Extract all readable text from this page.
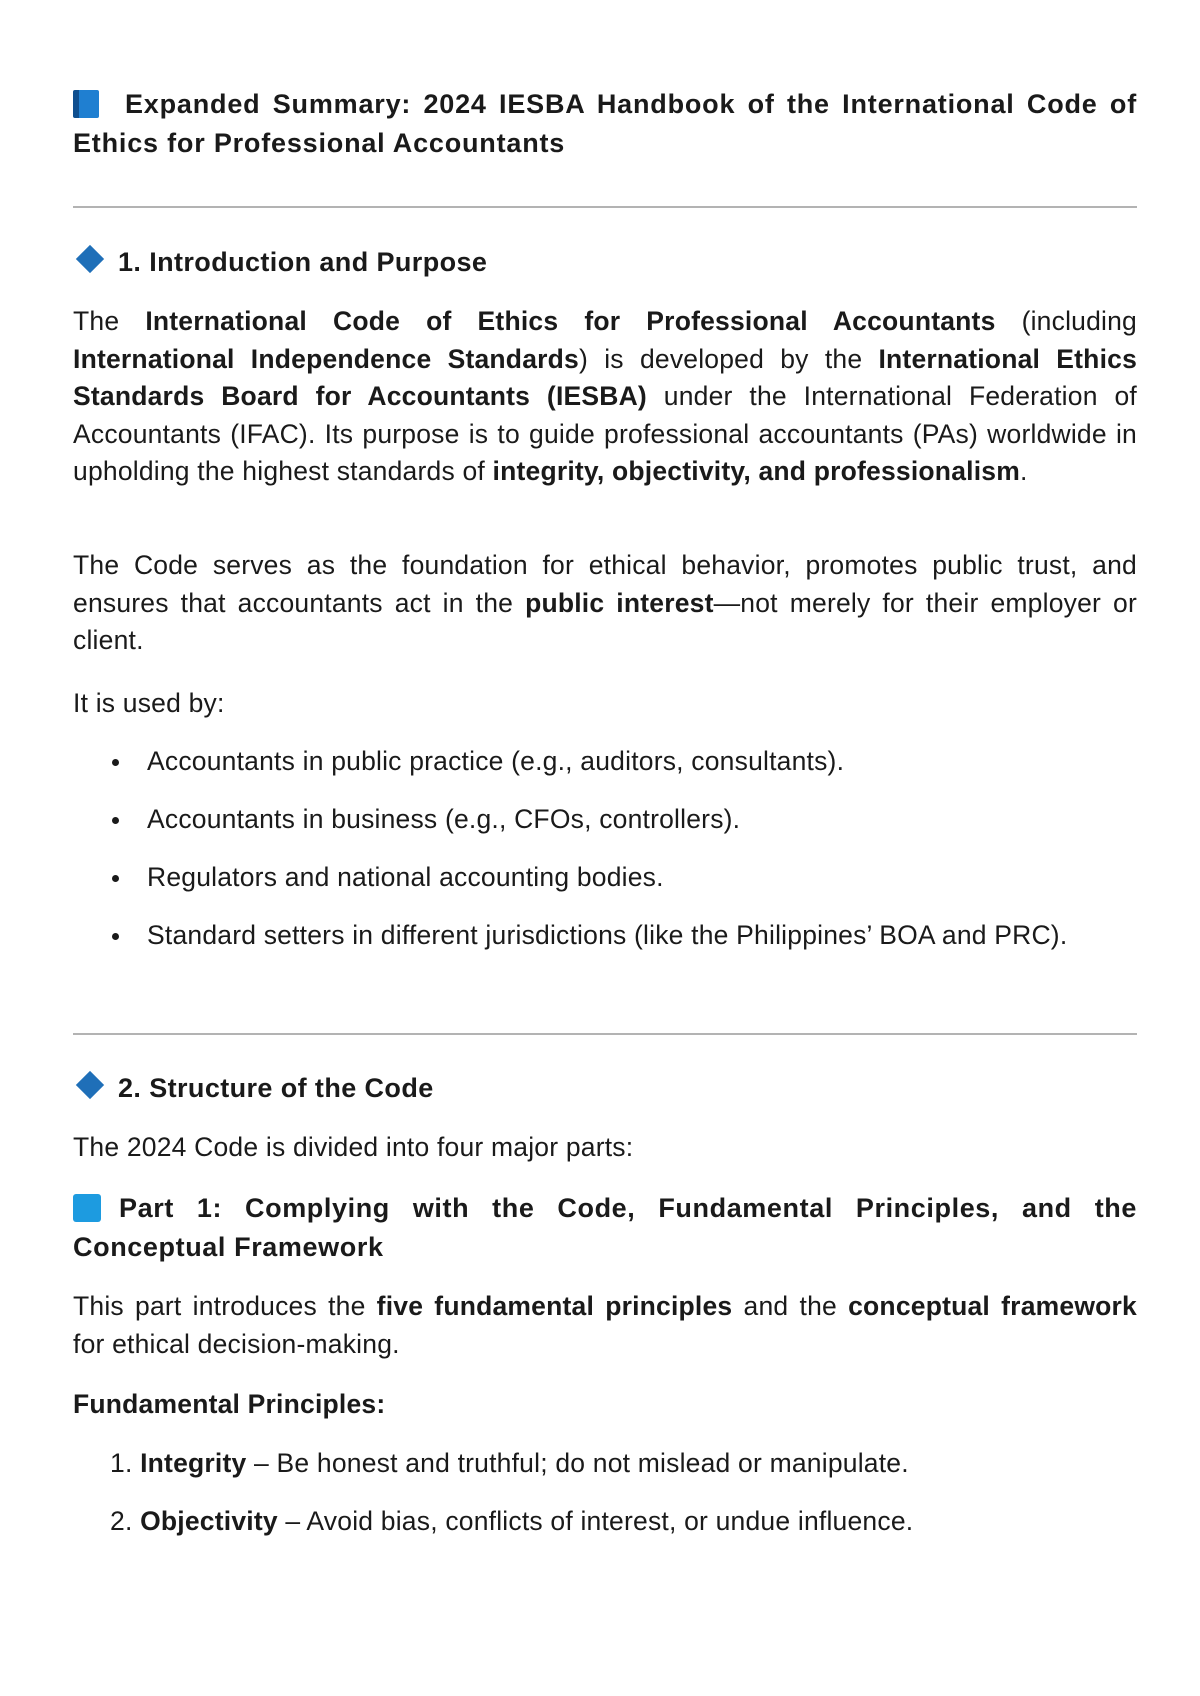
Expanded Summary: 2024 IESBA Handbook of the International Code of Ethics for Professional Accountants
1. Introduction and Purpose

The International Code of Ethics for Professional Accountants (including International Independence Standards) is developed by the International Ethics Standards Board for Accountants (IESBA) under the International Federation of Accountants (IFAC). Its purpose is to guide professional accountants (PAs) worldwide in upholding the highest standards of integrity, objectivity, and professionalism.

The Code serves as the foundation for ethical behavior, promotes public trust, and ensures that accountants act in the public interest—not merely for their employer or client.

It is used by:

Accountants in public practice (e.g., auditors, consultants).
Accountants in business (e.g., CFOs, controllers).
Regulators and national accounting bodies.
Standard setters in different jurisdictions (like the Philippines’ BOA and PRC).
2. Structure of the Code

The 2024 Code is divided into four major parts:

Part 1: Complying with the Code, Fundamental Principles, and the Conceptual Framework

This part introduces the five fundamental principles and the conceptual framework for ethical decision-making.

Fundamental Principles:

1. Integrity – Be honest and truthful; do not mislead or manipulate.
2. Objectivity – Avoid bias, conflicts of interest, or undue influence.
